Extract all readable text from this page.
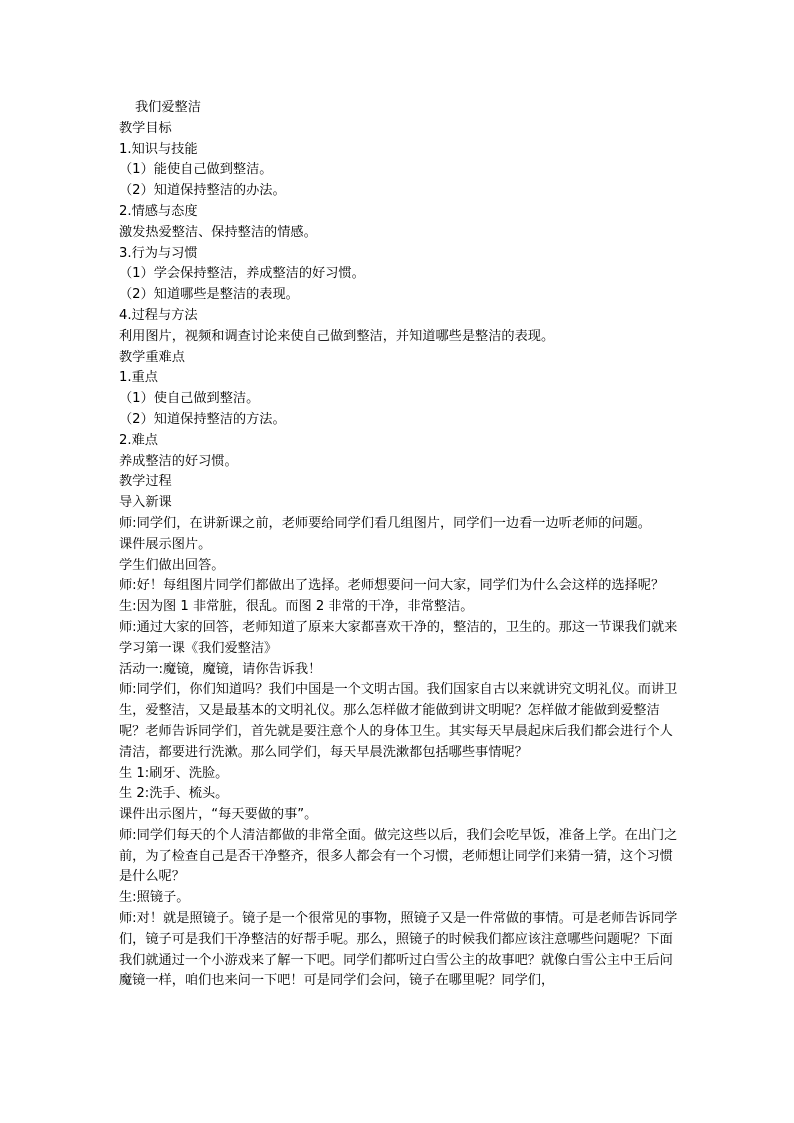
我们爱整洁

教学目标

1.知识与技能

（1）能使自己做到整洁。

（2）知道保持整洁的办法。

2.情感与态度

激发热爱整洁、保持整洁的情感。

3.行为与习惯

（1）学会保持整洁，养成整洁的好习惯。

（2）知道哪些是整洁的表现。

4.过程与方法

利用图片，视频和调查讨论来使自己做到整洁，并知道哪些是整洁的表现。

教学重难点

1.重点

（1）使自己做到整洁。

（2）知道保持整洁的方法。

2.难点

养成整洁的好习惯。

教学过程

导入新课

师:同学们，在讲新课之前，老师要给同学们看几组图片，同学们一边看一边听老师的问题。

课件展示图片。

学生们做出回答。

师:好！每组图片同学们都做出了选择。老师想要问一问大家，同学们为什么会这样的选择呢？

生:因为图 1 非常脏，很乱。而图 2 非常的干净，非常整洁。

师:通过大家的回答，老师知道了原来大家都喜欢干净的，整洁的，卫生的。那这一节课我们就来学习第一课《我们爱整洁》

活动一:魔镜，魔镜，请你告诉我！

师:同学们，你们知道吗？我们中国是一个文明古国。我们国家自古以来就讲究文明礼仪。而讲卫生，爱整洁，又是最基本的文明礼仪。那么怎样做才能做到讲文明呢？怎样做才能做到爱整洁呢？老师告诉同学们，首先就是要注意个人的身体卫生。其实每天早晨起床后我们都会进行个人清洁，都要进行洗漱。那么同学们，每天早晨洗漱都包括哪些事情呢？

生 1:刷牙、洗脸。

生 2:洗手、梳头。

课件出示图片，“每天要做的事”。

师:同学们每天的个人清洁都做的非常全面。做完这些以后，我们会吃早饭，准备上学。在出门之前，为了检查自己是否干净整齐，很多人都会有一个习惯，老师想让同学们来猜一猜，这个习惯是什么呢？

生:照镜子。

师:对！就是照镜子。镜子是一个很常见的事物，照镜子又是一件常做的事情。可是老师告诉同学们，镜子可是我们干净整洁的好帮手呢。那么，照镜子的时候我们都应该注意哪些问题呢？下面我们就通过一个小游戏来了解一下吧。同学们都听过白雪公主的故事吧？就像白雪公主中王后问魔镜一样，咱们也来问一下吧！可是同学们会问，镜子在哪里呢？同学们，
